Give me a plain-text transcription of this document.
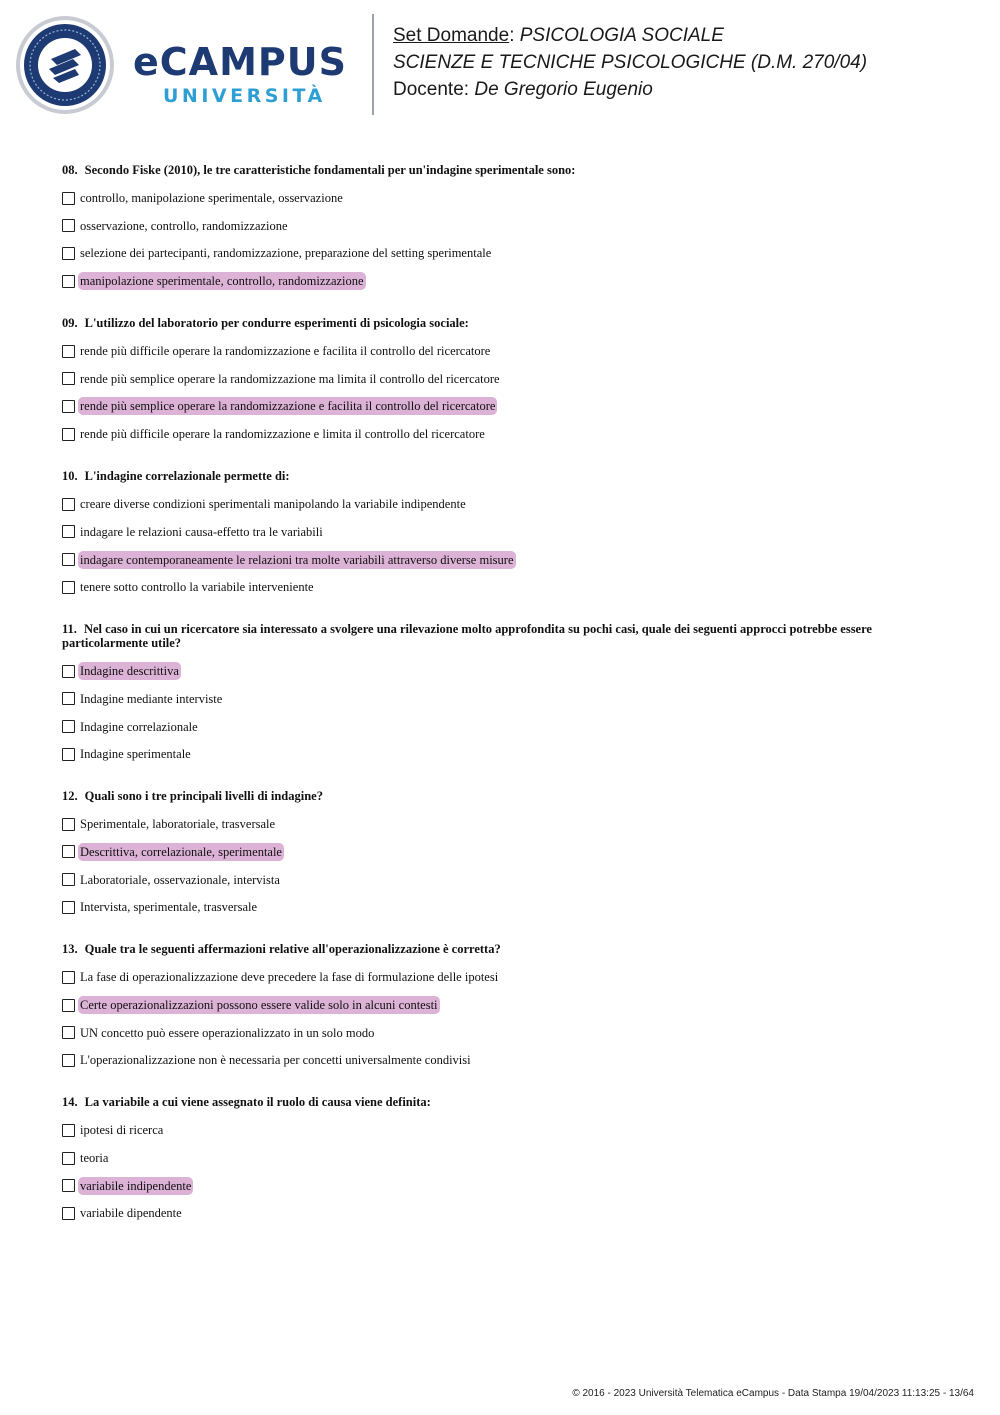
eCAMPUS
UNIVERSITÀ
Set Domande: PSICOLOGIA SOCIALE
SCIENZE E TECNICHE PSICOLOGICHE (D.M. 270/04)
Docente: De Gregorio Eugenio
08. Secondo Fiske (2010), le tre caratteristiche fondamentali per un'indagine sperimentale sono:
controllo, manipolazione sperimentale, osservazione
osservazione, controllo, randomizzazione
selezione dei partecipanti, randomizzazione, preparazione del setting sperimentale
manipolazione sperimentale, controllo, randomizzazione
09. L'utilizzo del laboratorio per condurre esperimenti di psicologia sociale:
rende più difficile operare la randomizzazione e facilita il controllo del ricercatore
rende più semplice operare la randomizzazione ma limita il controllo del ricercatore
rende più semplice operare la randomizzazione e facilita il controllo del ricercatore
rende più difficile operare la randomizzazione e limita il controllo del ricercatore
10. L'indagine correlazionale permette di:
creare diverse condizioni sperimentali manipolando la variabile indipendente
indagare le relazioni causa-effetto tra le variabili
indagare contemporaneamente le relazioni tra molte variabili attraverso diverse misure
tenere sotto controllo la variabile interveniente
11. Nel caso in cui un ricercatore sia interessato a svolgere una rilevazione molto approfondita su pochi casi, quale dei seguenti approcci potrebbe essere particolarmente utile?
Indagine descrittiva
Indagine mediante interviste
Indagine correlazionale
Indagine sperimentale
12. Quali sono i tre principali livelli di indagine?
Sperimentale, laboratoriale, trasversale
Descrittiva, correlazionale, sperimentale
Laboratoriale, osservazionale, intervista
Intervista, sperimentale, trasversale
13. Quale tra le seguenti affermazioni relative all'operazionalizzazione è corretta?
La fase di operazionalizzazione deve precedere la fase di formulazione delle ipotesi
Certe operazionalizzazioni possono essere valide solo in alcuni contesti
UN concetto può essere operazionalizzato in un solo modo
L'operazionalizzazione non è necessaria per concetti universalmente condivisi
14. La variabile a cui viene assegnato il ruolo di causa viene definita:
ipotesi di ricerca
teoria
variabile indipendente
variabile dipendente
© 2016 - 2023 Università Telematica eCampus - Data Stampa 19/04/2023 11:13:25 - 13/64
